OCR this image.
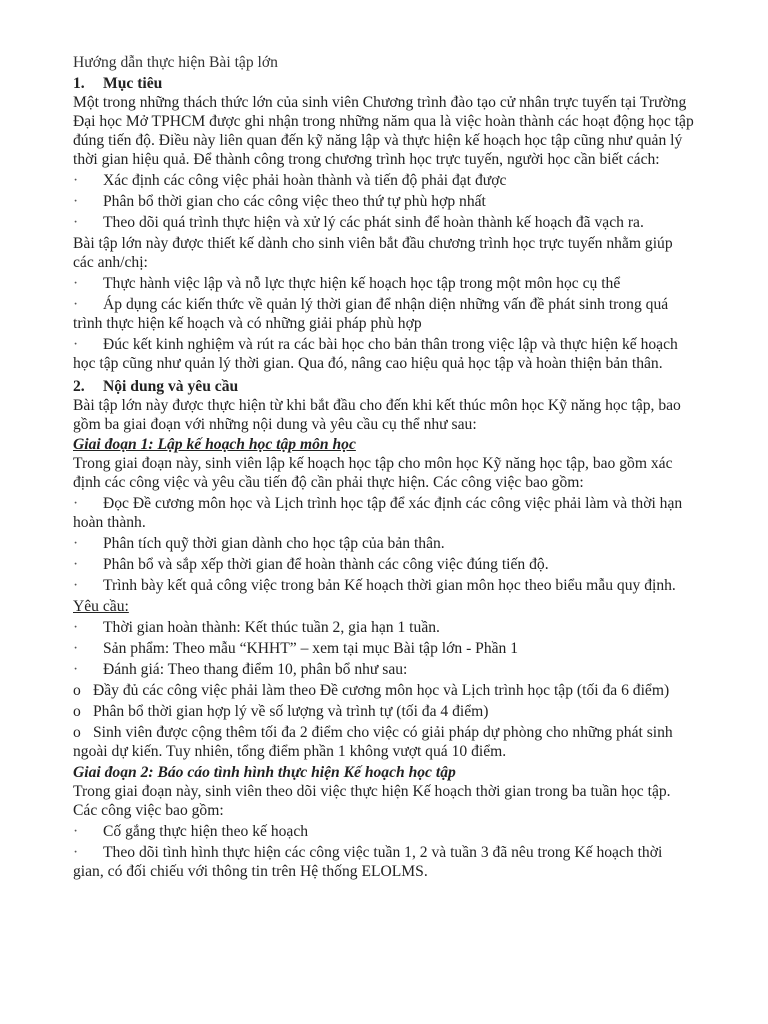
Hướng dẫn thực hiện Bài tập lớn

1. Mục tiêu

Một trong những thách thức lớn của sinh viên Chương trình đào tạo cử nhân trực tuyến tại Trường Đại học Mở TPHCM được ghi nhận trong những năm qua là việc hoàn thành các hoạt động học tập đúng tiến độ. Điều này liên quan đến kỹ năng lập và thực hiện kế hoạch học tập cũng như quản lý thời gian hiệu quả. Để thành công trong chương trình học trực tuyến, người học cần biết cách:

· Xác định các công việc phải hoàn thành và tiến độ phải đạt được

· Phân bổ thời gian cho các công việc theo thứ tự phù hợp nhất

· Theo dõi quá trình thực hiện và xử lý các phát sinh để hoàn thành kế hoạch đã vạch ra.

Bài tập lớn này được thiết kế dành cho sinh viên bắt đầu chương trình học trực tuyến nhằm giúp các anh/chị:

· Thực hành việc lập và nỗ lực thực hiện kế hoạch học tập trong một môn học cụ thể

· Áp dụng các kiến thức về quản lý thời gian để nhận diện những vấn đề phát sinh trong quá trình thực hiện kế hoạch và có những giải pháp phù hợp

· Đúc kết kinh nghiệm và rút ra các bài học cho bản thân trong việc lập và thực hiện kế hoạch học tập cũng như quản lý thời gian. Qua đó, nâng cao hiệu quả học tập và hoàn thiện bản thân.

2. Nội dung và yêu cầu

Bài tập lớn này được thực hiện từ khi bắt đầu cho đến khi kết thúc môn học Kỹ năng học tập, bao gồm ba giai đoạn với những nội dung và yêu cầu cụ thể như sau:

Giai đoạn 1: Lập kế hoạch học tập môn học

Trong giai đoạn này, sinh viên lập kế hoạch học tập cho môn học Kỹ năng học tập, bao gồm xác định các công việc và yêu cầu tiến độ cần phải thực hiện. Các công việc bao gồm:

· Đọc Đề cương môn học và Lịch trình học tập để xác định các công việc phải làm và thời hạn hoàn thành.

· Phân tích quỹ thời gian dành cho học tập của bản thân.

· Phân bổ và sắp xếp thời gian để hoàn thành các công việc đúng tiến độ.

· Trình bày kết quả công việc trong bản Kế hoạch thời gian môn học theo biểu mẫu quy định.

Yêu cầu:

· Thời gian hoàn thành: Kết thúc tuần 2, gia hạn 1 tuần.

· Sản phẩm: Theo mẫu “KHHT” – xem tại mục Bài tập lớn - Phần 1

· Đánh giá: Theo thang điểm 10, phân bổ như sau:

o Đầy đủ các công việc phải làm theo Đề cương môn học và Lịch trình học tập (tối đa 6 điểm)

o Phân bổ thời gian hợp lý về số lượng và trình tự (tối đa 4 điểm)

o Sinh viên được cộng thêm tối đa 2 điểm cho việc có giải pháp dự phòng cho những phát sinh ngoài dự kiến. Tuy nhiên, tổng điểm phần 1 không vượt quá 10 điểm.

Giai đoạn 2: Báo cáo tình hình thực hiện Kế hoạch học tập

Trong giai đoạn này, sinh viên theo dõi việc thực hiện Kế hoạch thời gian trong ba tuần học tập. Các công việc bao gồm:

· Cố gắng thực hiện theo kế hoạch

· Theo dõi tình hình thực hiện các công việc tuần 1, 2 và tuần 3 đã nêu trong Kế hoạch thời gian, có đối chiếu với thông tin trên Hệ thống ELOLMS.
